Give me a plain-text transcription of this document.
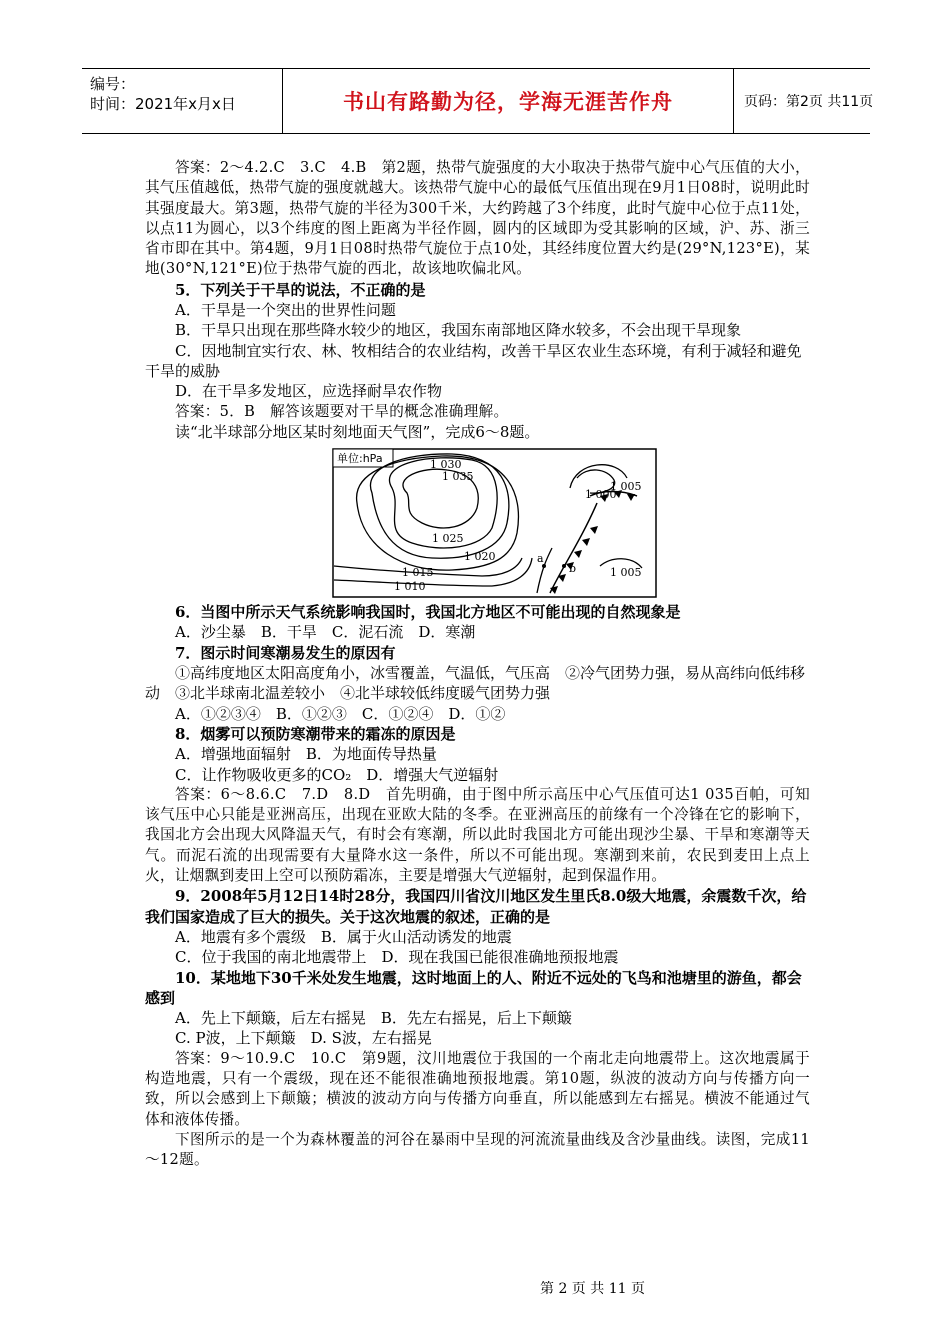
编号：
时间：2021年x月x日	书山有路勤为径，学海无涯苦作舟	页码：第2页 共11页

答案：2～4.2.C　3.C　4.B　第2题，热带气旋强度的大小取决于热带气旋中心气压值的大小，其气压值越低，热带气旋的强度就越大。该热带气旋中心的最低气压值出现在9月1日08时，说明此时其强度最大。第3题，热带气旋的半径为300千米，大约跨越了3个纬度，此时气旋中心位于点11处，以点11为圆心，以3个纬度的图上距离为半径作圆，圆内的区域即为受其影响的区域，沪、苏、浙三省市即在其中。第4题，9月1日08时热带气旋位于点10处，其经纬度位置大约是(29°N,123°E)，某地(30°N,121°E)位于热带气旋的西北，故该地吹偏北风。

5．下列关于干旱的说法，不正确的是

A．干旱是一个突出的世界性问题

B．干旱只出现在那些降水较少的地区，我国东南部地区降水较多，不会出现干旱现象

C．因地制宜实行农、林、牧相结合的农业结构，改善干旱区农业生态环境，有利于减轻和避免干旱的威胁

D．在干旱多发地区，应选择耐旱农作物

答案：5．B　解答该题要对干旱的概念准确理解。

读“北半球部分地区某时刻地面天气图”，完成6～8题。

单位:hPa	1 030
1 035
1 025
1 020
1 015
1 010
1 000
1 005
1 005
a
b

6．当图中所示天气系统影响我国时，我国北方地区不可能出现的自然现象是

A．沙尘暴　B．干旱　C．泥石流　D．寒潮

7．图示时间寒潮易发生的原因有

①高纬度地区太阳高度角小，冰雪覆盖，气温低，气压高　②冷气团势力强，易从高纬向低纬移动　③北半球南北温差较小　④北半球较低纬度暖气团势力强

A．①②③④　B．①②③　C．①②④　D．①②

8．烟雾可以预防寒潮带来的霜冻的原因是

A．增强地面辐射　B．为地面传导热量

C．让作物吸收更多的CO₂　D．增强大气逆辐射

答案：6～8.6.C　7.D　8.D　首先明确，由于图中所示高压中心气压值可达1 035百帕，可知该气压中心只能是亚洲高压，出现在亚欧大陆的冬季。在亚洲高压的前缘有一个冷锋在它的影响下，我国北方会出现大风降温天气，有时会有寒潮，所以此时我国北方可能出现沙尘暴、干旱和寒潮等天气。而泥石流的出现需要有大量降水这一条件，所以不可能出现。寒潮到来前，农民到麦田上点上火，让烟飘到麦田上空可以预防霜冻，主要是增强大气逆辐射，起到保温作用。

9．2008年5月12日14时28分，我国四川省汶川地区发生里氏8.0级大地震，余震数千次，给我们国家造成了巨大的损失。关于这次地震的叙述，正确的是

A．地震有多个震级　B．属于火山活动诱发的地震

C．位于我国的南北地震带上　D．现在我国已能很准确地预报地震

10．某地地下30千米处发生地震，这时地面上的人、附近不远处的飞鸟和池塘里的游鱼，都会感到

A．先上下颠簸，后左右摇晃　B．先左右摇晃，后上下颠簸

C. P波，上下颠簸　D. S波，左右摇晃

答案：9～10.9.C　10.C　第9题，汶川地震位于我国的一个南北走向地震带上。这次地震属于构造地震，只有一个震级，现在还不能很准确地预报地震。第10题，纵波的波动方向与传播方向一致，所以会感到上下颠簸；横波的波动方向与传播方向垂直，所以能感到左右摇晃。横波不能通过气体和液体传播。

下图所示的是一个为森林覆盖的河谷在暴雨中呈现的河流流量曲线及含沙量曲线。读图，完成11～12题。

第 2 页 共 11 页
